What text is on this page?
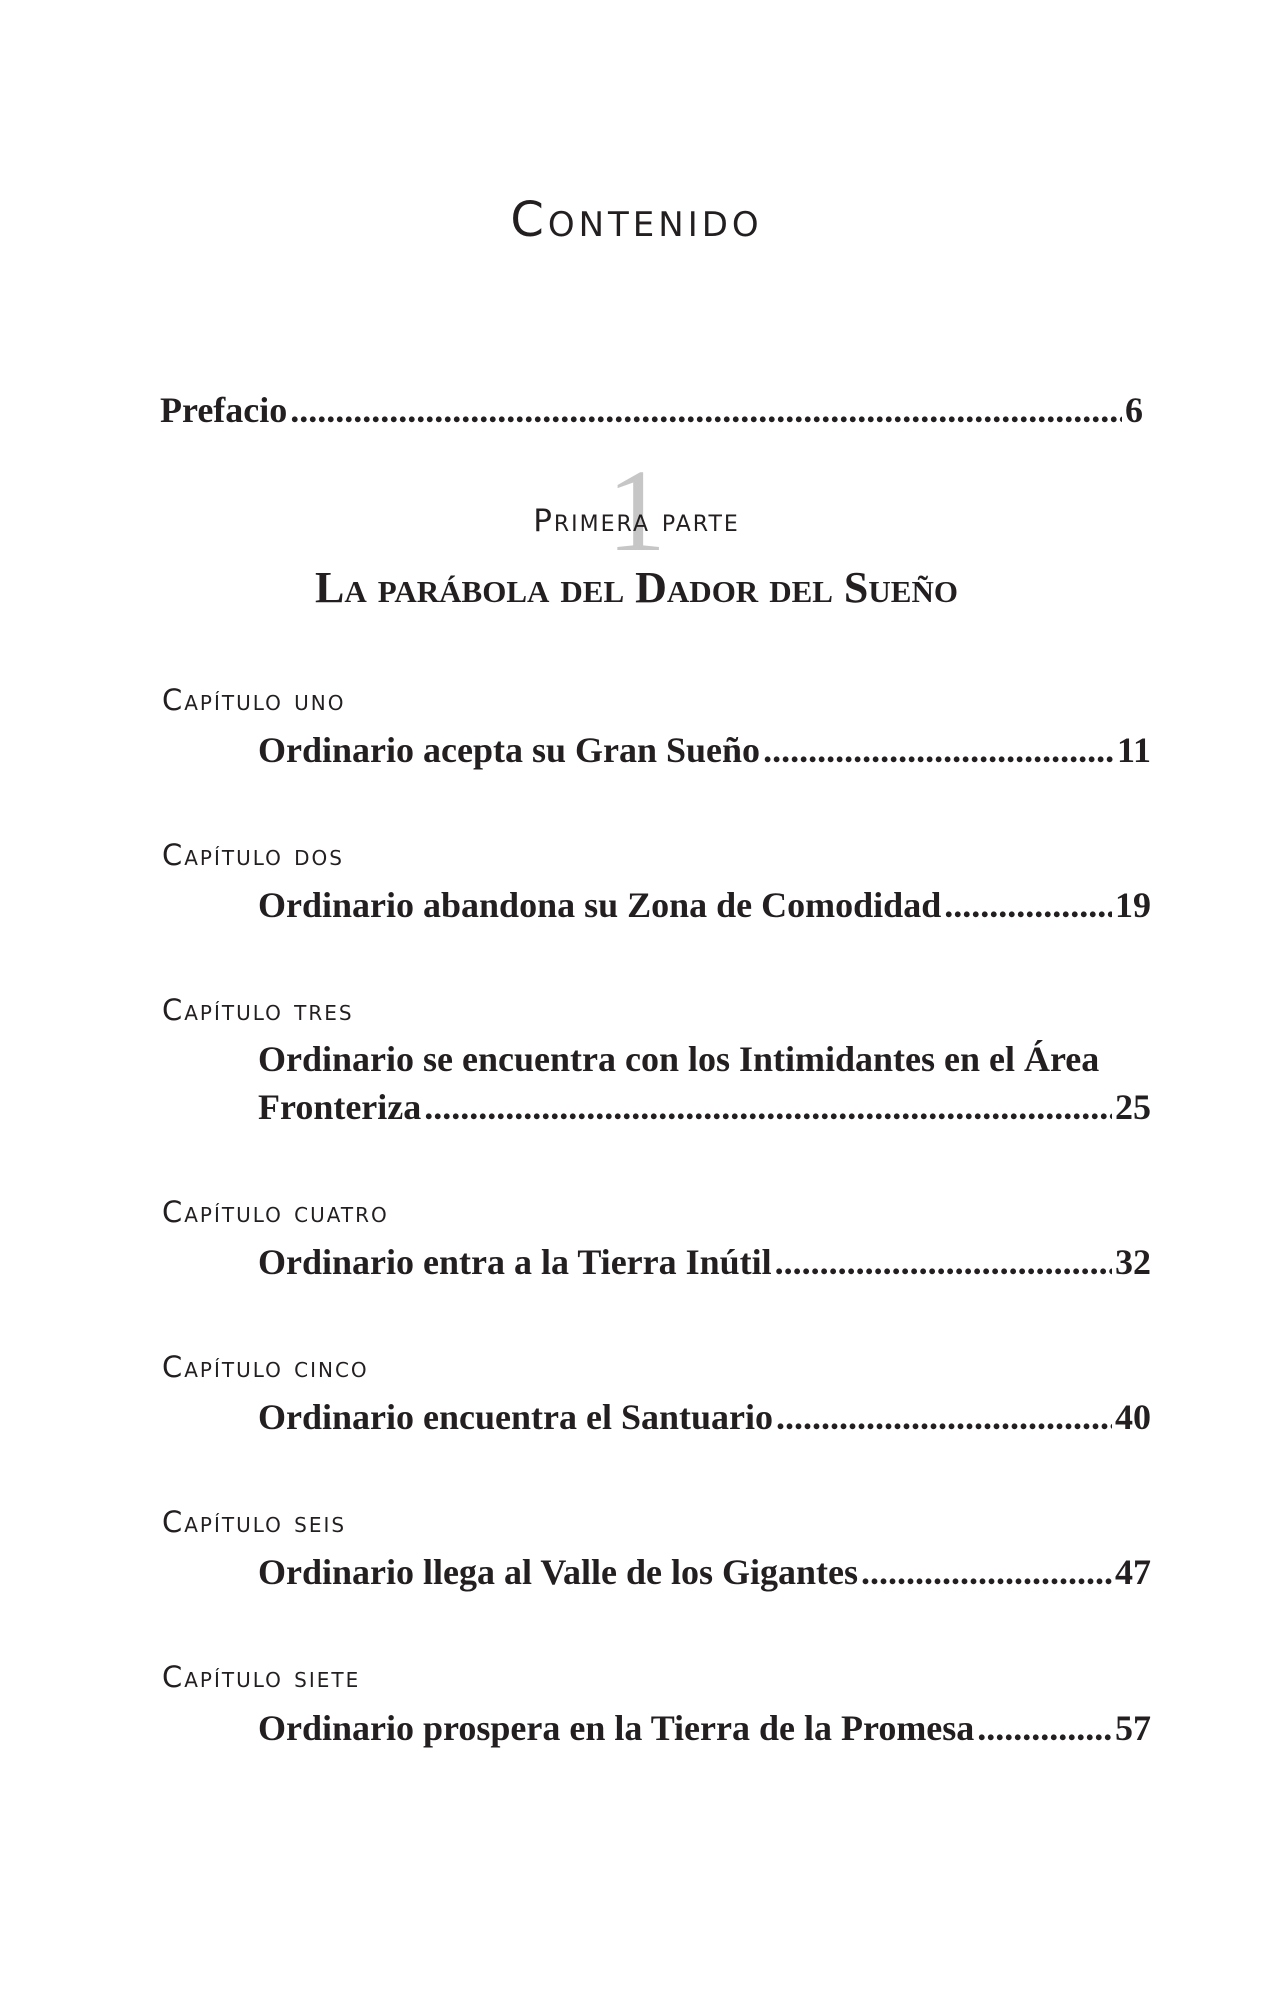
Contenido
Prefacio .....	6
1
Primera parte
La parábola del Dador del Sueño
Capítulo uno
Ordinario acepta su Gran Sueño .....	11
Capítulo dos
Ordinario abandona su Zona de Comodidad .....	19
Capítulo tres
Ordinario se encuentra con los Intimidantes en el Área
Fronteriza .....	25
Capítulo cuatro
Ordinario entra a la Tierra Inútil .....	32
Capítulo cinco
Ordinario encuentra el Santuario .....	40
Capítulo seis
Ordinario llega al Valle de los Gigantes .....	47
Capítulo siete
Ordinario prospera en la Tierra de la Promesa .....	57
